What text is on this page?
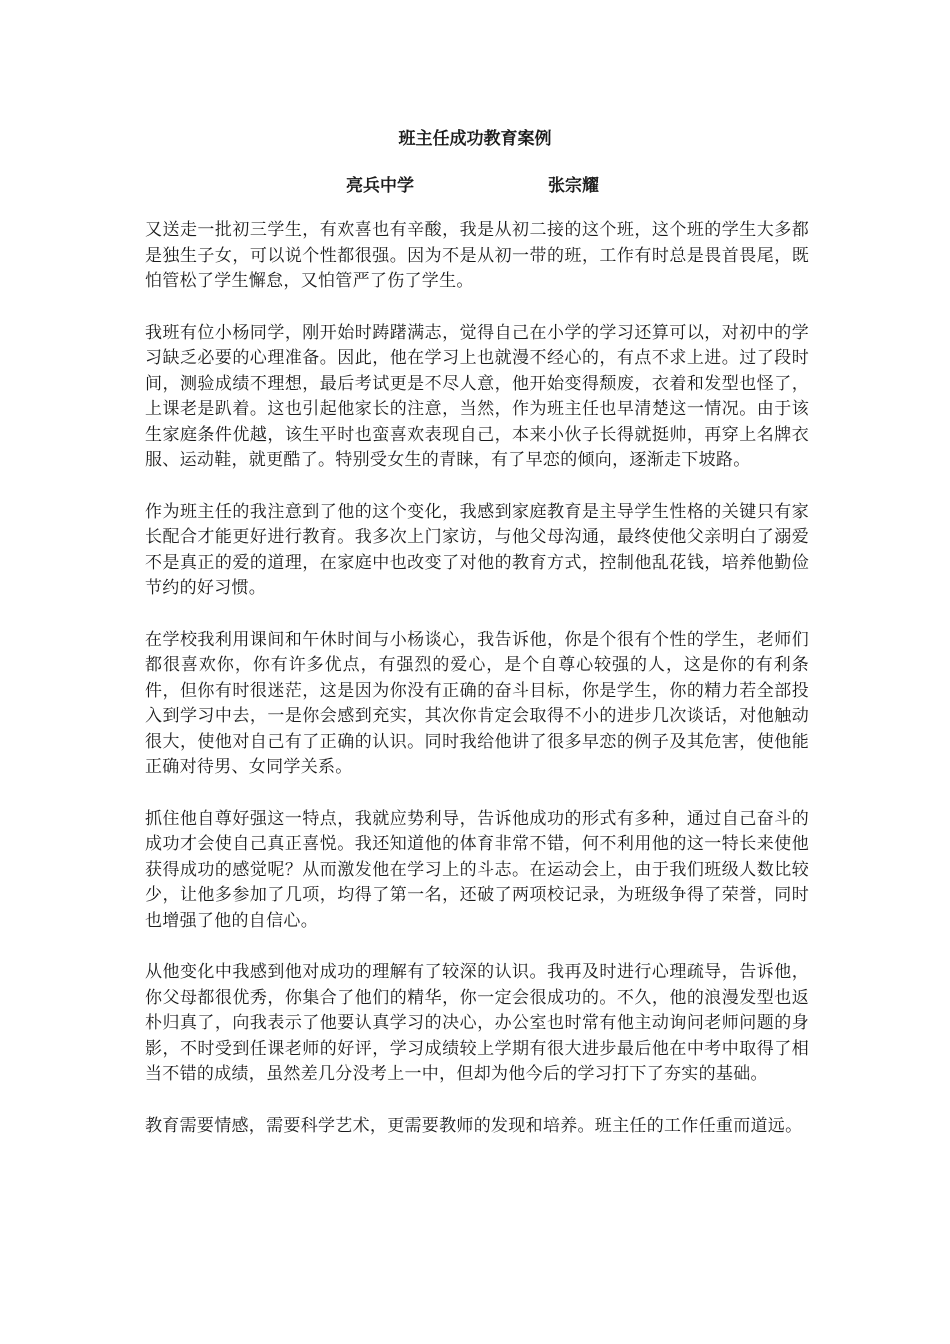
班主任成功教育案例
亮兵中学	张宗耀

又送走一批初三学生，有欢喜也有辛酸，我是从初二接的这个班，这个班的学生大多都是独生子女，可以说个性都很强。因为不是从初一带的班，工作有时总是畏首畏尾，既怕管松了学生懈怠，又怕管严了伤了学生。

我班有位小杨同学，刚开始时踌躇满志，觉得自己在小学的学习还算可以，对初中的学习缺乏必要的心理准备。因此，他在学习上也就漫不经心的，有点不求上进。过了段时间，测验成绩不理想，最后考试更是不尽人意，他开始变得颓废，衣着和发型也怪了，上课老是趴着。这也引起他家长的注意，当然，作为班主任也早清楚这一情况。由于该生家庭条件优越，该生平时也蛮喜欢表现自己，本来小伙子长得就挺帅，再穿上名牌衣服、运动鞋，就更酷了。特别受女生的青睐，有了早恋的倾向，逐渐走下坡路。

作为班主任的我注意到了他的这个变化，我感到家庭教育是主导学生性格的关键只有家长配合才能更好进行教育。我多次上门家访，与他父母沟通，最终使他父亲明白了溺爱不是真正的爱的道理，在家庭中也改变了对他的教育方式，控制他乱花钱，培养他勤俭节约的好习惯。

在学校我利用课间和午休时间与小杨谈心，我告诉他，你是个很有个性的学生，老师们都很喜欢你，你有许多优点，有强烈的爱心，是个自尊心较强的人，这是你的有利条件，但你有时很迷茫，这是因为你没有正确的奋斗目标，你是学生，你的精力若全部投入到学习中去，一是你会感到充实，其次你肯定会取得不小的进步几次谈话，对他触动很大，使他对自己有了正确的认识。同时我给他讲了很多早恋的例子及其危害，使他能正确对待男、女同学关系。

抓住他自尊好强这一特点，我就应势利导，告诉他成功的形式有多种，通过自己奋斗的成功才会使自己真正喜悦。我还知道他的体育非常不错，何不利用他的这一特长来使他获得成功的感觉呢？从而激发他在学习上的斗志。在运动会上，由于我们班级人数比较少，让他多参加了几项，均得了第一名，还破了两项校记录，为班级争得了荣誉，同时也增强了他的自信心。

从他变化中我感到他对成功的理解有了较深的认识。我再及时进行心理疏导，告诉他，你父母都很优秀，你集合了他们的精华，你一定会很成功的。不久，他的浪漫发型也返朴归真了，向我表示了他要认真学习的决心，办公室也时常有他主动询问老师问题的身影，不时受到任课老师的好评，学习成绩较上学期有很大进步最后他在中考中取得了相当不错的成绩，虽然差几分没考上一中，但却为他今后的学习打下了夯实的基础。

教育需要情感，需要科学艺术，更需要教师的发现和培养。班主任的工作任重而道远。
